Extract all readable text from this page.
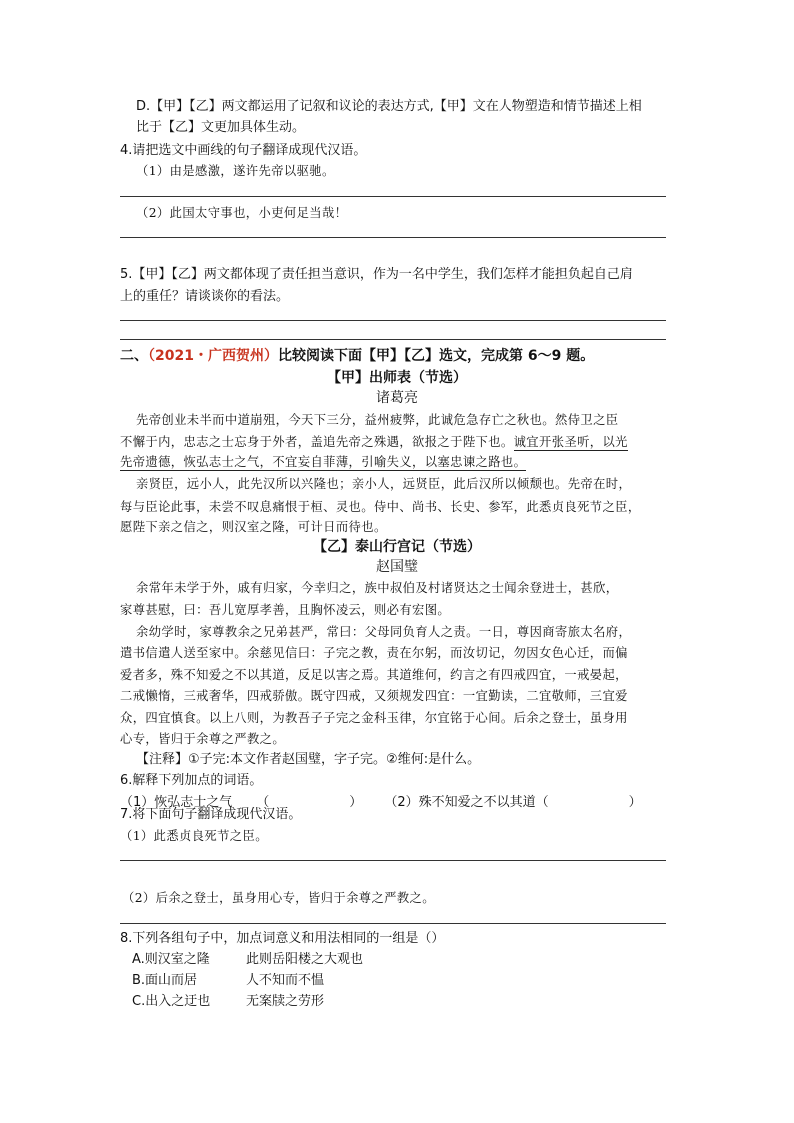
D.【甲】【乙】两文都运用了记叙和议论的表达方式,【甲】文在人物塑造和情节描述上相
比于【乙】文更加具体生动。
4.请把选文中画线的句子翻译成现代汉语。
（1）由是感激，遂许先帝以驱驰。
（2）此国太守事也，小吏何足当哉！
5.【甲】【乙】两文都体现了责任担当意识，作为一名中学生，我们怎样才能担负起自己肩
上的重任？请谈谈你的看法。
二、（2021・广西贺州）比较阅读下面【甲】【乙】选文，完成第 6～9 题。
【甲】出师表（节选）
诸葛亮
先帝创业未半而中道崩殂，今天下三分，益州疲弊，此诚危急存亡之秋也。然侍卫之臣
不懈于内，忠志之士忘身于外者，盖追先帝之殊遇，欲报之于陛下也。诚宜开张圣听，以光
先帝遗德，恢弘志士之气，不宜妄自菲薄，引喻失义，以塞忠谏之路也。
亲贤臣，远小人，此先汉所以兴隆也；亲小人，远贤臣，此后汉所以倾颓也。先帝在时，
每与臣论此事，未尝不叹息痛恨于桓、灵也。侍中、尚书、长史、参军，此悉贞良死节之臣，
愿陛下亲之信之，则汉室之隆，可计日而待也。
【乙】泰山行宫记（节选）
赵国璧
余常年未学于外，戚有归家，今幸归之，族中叔伯及村诸贤达之士闻余登进士，甚欣，
家尊甚慰，曰：吾儿宽厚孝善，且胸怀凌云，则必有宏图。
余幼学时，家尊教余之兄弟甚严，常曰：父母同负育人之责。一日，尊因商寄旅太名府，
遣书信遣人送至家中。余慈见信曰：子完之教，责在尔躬，而汝切记，勿因女色心迁，而偏
爱者多，殊不知爱之不以其道，反足以害之焉。其道维何，约言之有四戒四宜，一戒晏起，
二戒懒惰，三戒奢华，四戒骄傲。既守四戒，又须规发四宜：一宜勤读，二宜敬师，三宜爱
众，四宜慎食。以上八则，为教吾子子完之金科玉律，尔宜铭于心间。后余之登士，虽身用
心专，皆归于余尊之严教之。
【注释】①子完:本文作者赵国璧，字子完。②维何:是什么。
6.解释下列加点的词语。
（1）恢弘志士之气 （	） （2）殊不知爱之不以其道（	）
7.将下面句子翻译成现代汉语。
（1）此悉贞良死节之臣。
（2）后余之登士，虽身用心专，皆归于余尊之严教之。
8.下列各组句子中，加点词意义和用法相同的一组是（）
A.则汉室之隆	此则岳阳楼之大观也
B.面山而居	人不知而不愠
C.出入之迂也	无案牍之劳形
